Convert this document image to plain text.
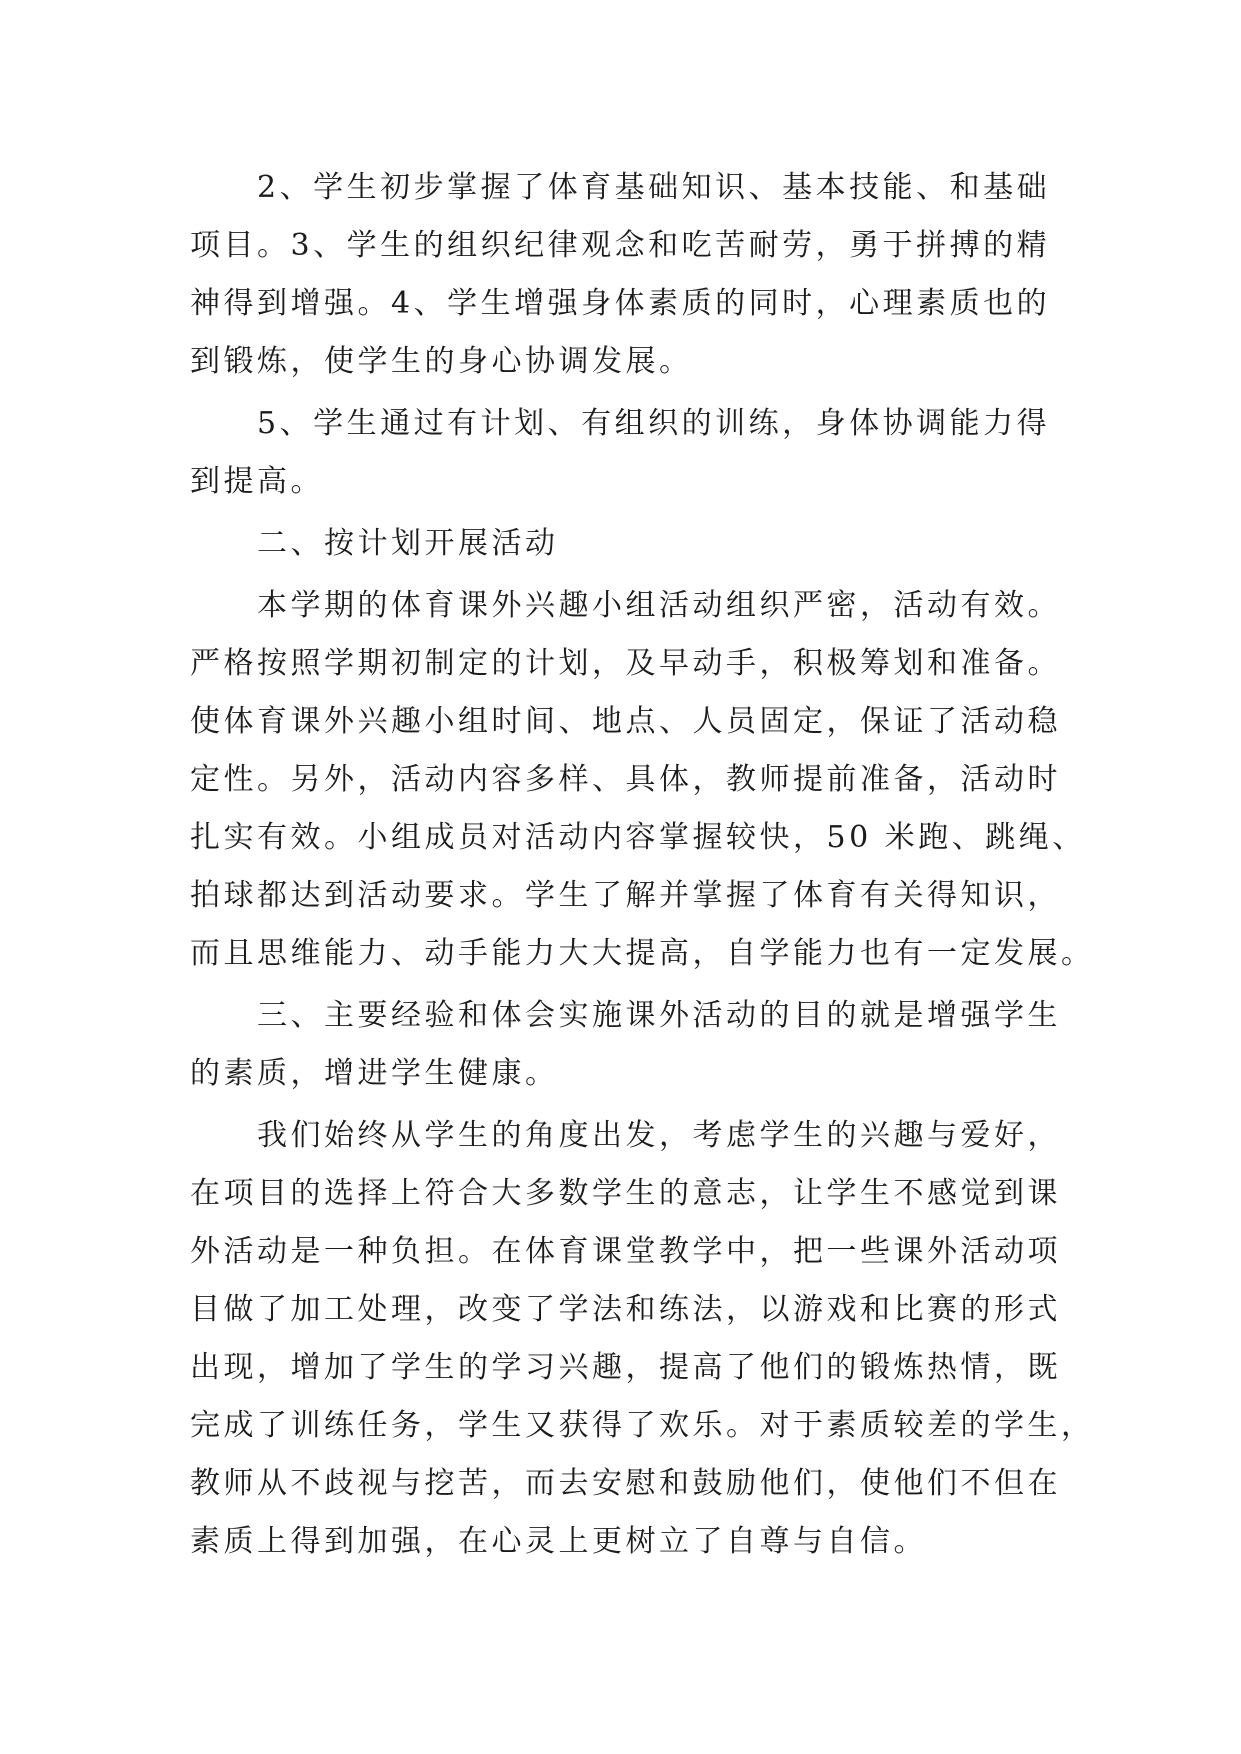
　　2、学生初步掌握了体育基础知识、基本技能、和基础
项目。3、学生的组织纪律观念和吃苦耐劳，勇于拼搏的精
神得到增强。4、学生增强身体素质的同时，心理素质也的
到锻炼，使学生的身心协调发展。
　　5、学生通过有计划、有组织的训练，身体协调能力得
到提高。
　　二、按计划开展活动
　　本学期的体育课外兴趣小组活动组织严密，活动有效。
严格按照学期初制定的计划，及早动手，积极筹划和准备。
使体育课外兴趣小组时间、地点、人员固定，保证了活动稳
定性。另外，活动内容多样、具体，教师提前准备，活动时
扎实有效。小组成员对活动内容掌握较快，50 米跑、跳绳、
拍球都达到活动要求。学生了解并掌握了体育有关得知识，
而且思维能力、动手能力大大提高，自学能力也有一定发展。
　　三、主要经验和体会实施课外活动的目的就是增强学生
的素质，增进学生健康。
　　我们始终从学生的角度出发，考虑学生的兴趣与爱好，
在项目的选择上符合大多数学生的意志，让学生不感觉到课
外活动是一种负担。在体育课堂教学中，把一些课外活动项
目做了加工处理，改变了学法和练法，以游戏和比赛的形式
出现，增加了学生的学习兴趣，提高了他们的锻炼热情，既
完成了训练任务，学生又获得了欢乐。对于素质较差的学生，
教师从不歧视与挖苦，而去安慰和鼓励他们，使他们不但在
素质上得到加强，在心灵上更树立了自尊与自信。
